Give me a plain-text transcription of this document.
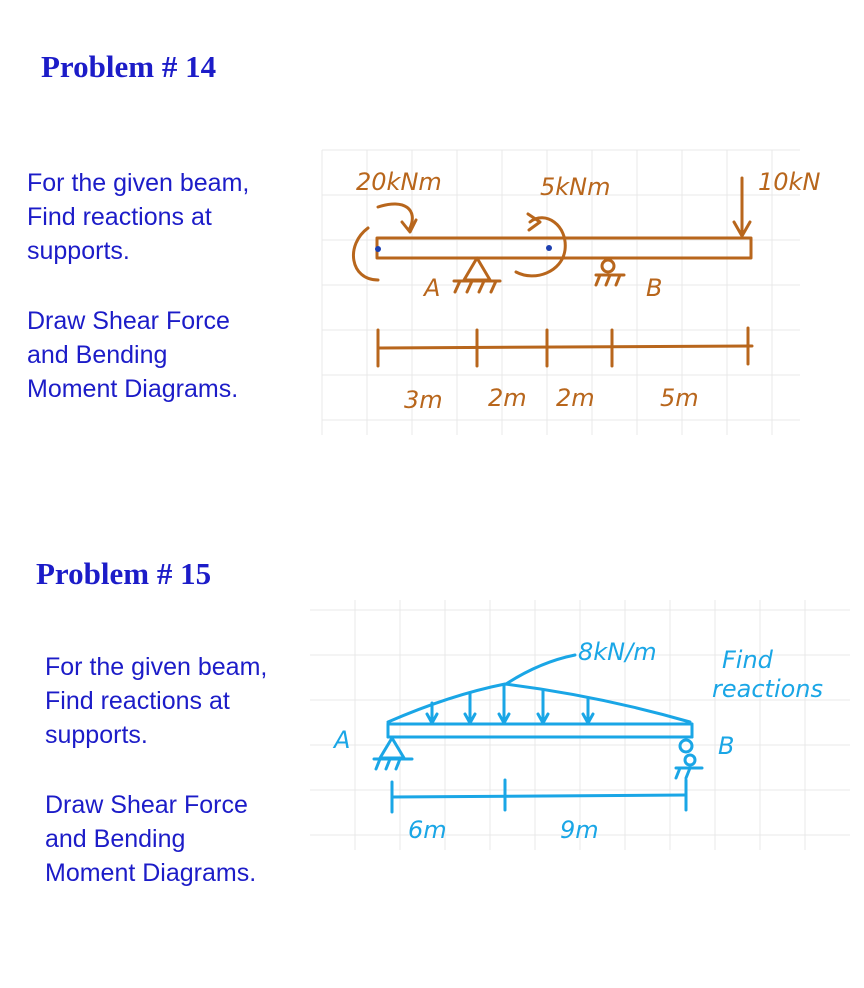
Problem # 14

For the given beam,

Find reactions at

supports.

Draw Shear Force

and Bending

Moment Diagrams.

20kNm	5kNm	10kN
A	B
3m 2m 2m	5m
Problem # 15

For the given beam,

Find reactions at

supports.

Draw Shear Force

and Bending

Moment Diagrams.

8kN/m	Find
reactions
A	B
6m	9m
